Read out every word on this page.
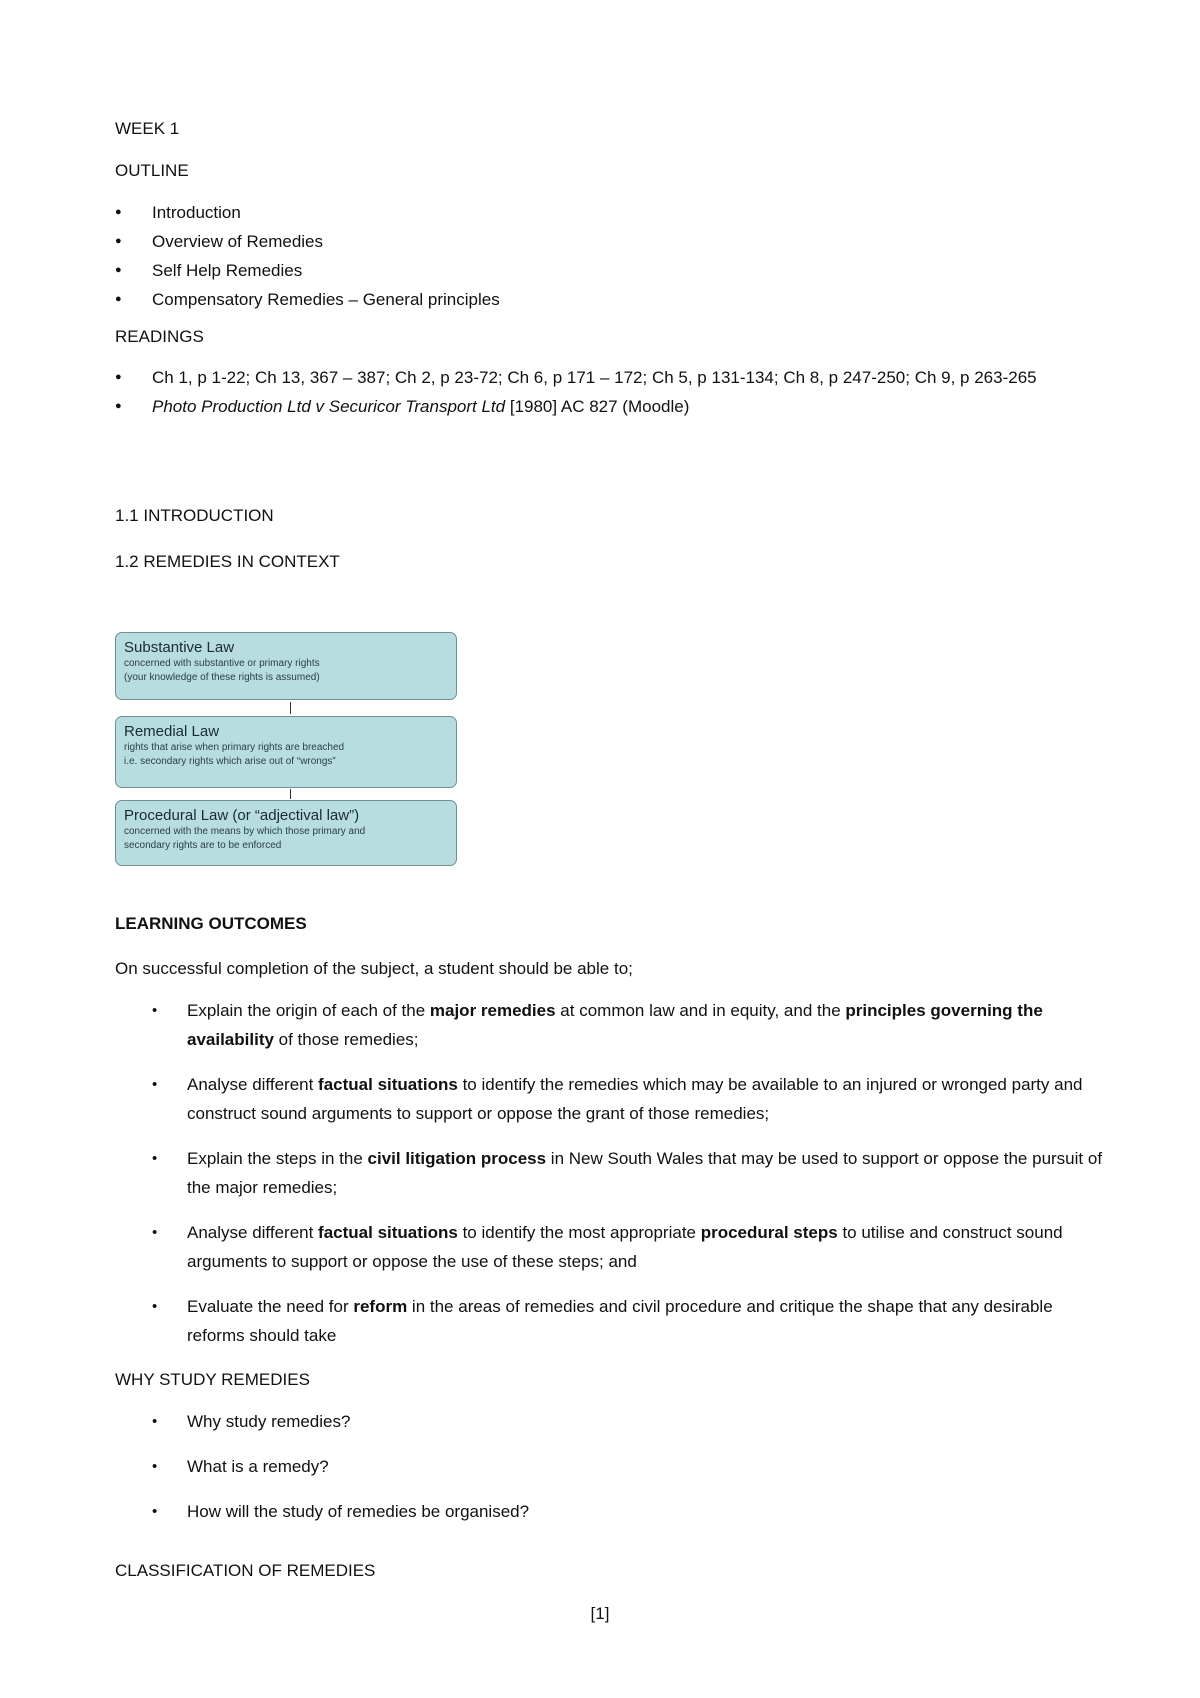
WEEK 1

OUTLINE

● Introduction
● Overview of Remedies
● Self Help Remedies
● Compensatory Remedies – General principles

READINGS

● Ch 1, p 1-22; Ch 13, 367 – 387; Ch 2, p 23-72; Ch 6, p 171 – 172; Ch 5, p 131-134; Ch 8, p 247-250; Ch 9, p 263-265
● Photo Production Ltd v Securicor Transport Ltd [1980] AC 827 (Moodle)

1.1 INTRODUCTION

1.2 REMEDIES IN CONTEXT

Substantive Law
concerned with substantive or primary rights
(your knowledge of these rights is assumed)
Remedial Law
rights that arise when primary rights are breached
i.e. secondary rights which arise out of “wrongs”
Procedural Law (or “adjectival law”)
concerned with the means by which those primary and
secondary rights are to be enforced

LEARNING OUTCOMES

On successful completion of the subject, a student should be able to;

• Explain the origin of each of the major remedies at common law and in equity, and the principles governing the availability of those remedies;
• Analyse different factual situations to identify the remedies which may be available to an injured or wronged party and construct sound arguments to support or oppose the grant of those remedies;
• Explain the steps in the civil litigation process in New South Wales that may be used to support or oppose the pursuit of the major remedies;
• Analyse different factual situations to identify the most appropriate procedural steps to utilise and construct sound arguments to support or oppose the use of these steps; and
• Evaluate the need for reform in the areas of remedies and civil procedure and critique the shape that any desirable reforms should take

WHY STUDY REMEDIES

• Why study remedies?
• What is a remedy?
• How will the study of remedies be organised?

CLASSIFICATION OF REMEDIES

[1]
